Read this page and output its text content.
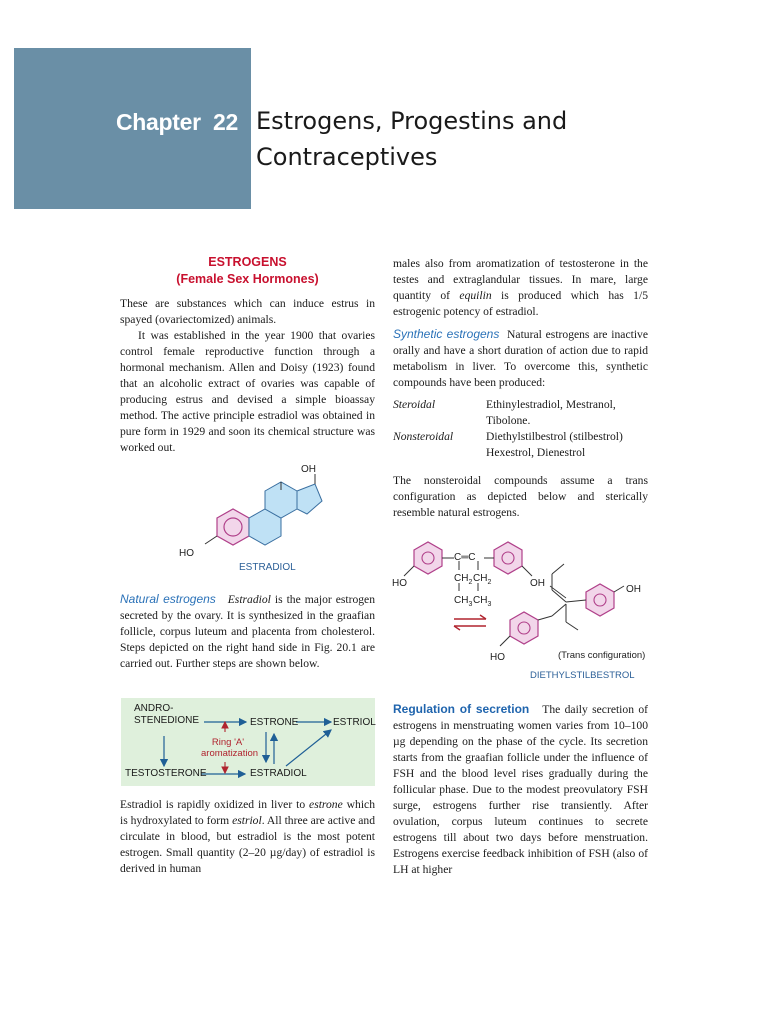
Chapter 22 Estrogens, Progestins and
Contraceptives
ESTROGENS
(Female Sex Hormones)

These are substances which can induce estrus in spayed (ovariectomized) animals.

It was established in the year 1900 that ovaries control female reproductive function through a hormonal mechanism. Allen and Doisy (1923) found that an alcoholic extract of ovaries was capable of producing estrus and devised a simple bioassay method. The active principle estradiol was obtained in pure form in 1929 and soon its chemical structure was worked out.

OH
HO
ESTRADIOL

Natural estrogens Estradiol is the major estrogen secreted by the ovary. It is synthesized in the graafian follicle, corpus luteum and placenta from cholesterol. Steps depicted on the right hand side in Fig. 20.1 are carried out. Further steps are shown below.

ANDRO-
STENEDIONE	ESTRONE	ESTRIOL
Ring 'A'
aromatization
TESTOSTERONE	ESTRADIOL

Estradiol is rapidly oxidized in liver to estrone which is hydroxylated to form estriol. All three are active and circulate in blood, but estradiol is the most potent estrogen. Small quantity (2–20 µg/day) of estradiol is derived in human

males also from aromatization of testosterone in the testes and extraglandular tissues. In mare, large quantity of equilin is produced which has 1/5 estrogenic potency of estradiol.

Synthetic estrogens Natural estrogens are inactive orally and have a short duration of action due to rapid metabolism in liver. To overcome this, synthetic compounds have been produced:

Steroidal	Ethinylestradiol, Mestranol,
Tibolone.
Nonsteroidal	Diethylstilbestrol (stilbestrol)
Hexestrol, Dienestrol

The nonsteroidal compounds assume a trans configuration as depicted below and sterically resemble natural estrogens.

HO	OH
C═C
$CH_2$ $CH_2$
$CH_3$ $CH_3$
OH
HO	(Trans configuration)
DIETHYLSTILBESTROL

Regulation of secretion The daily secretion of estrogens in menstruating women varies from 10–100 µg depending on the phase of the cycle. Its secretion starts from the graafian follicle under the influence of FSH and the blood level rises gradually during the follicular phase. Due to the modest preovulatory FSH surge, estrogens further rise transiently. After ovulation, corpus luteum continues to secrete estrogens till about two days before menstruation. Estrogens exercise feedback inhibition of FSH (also of LH at higher
